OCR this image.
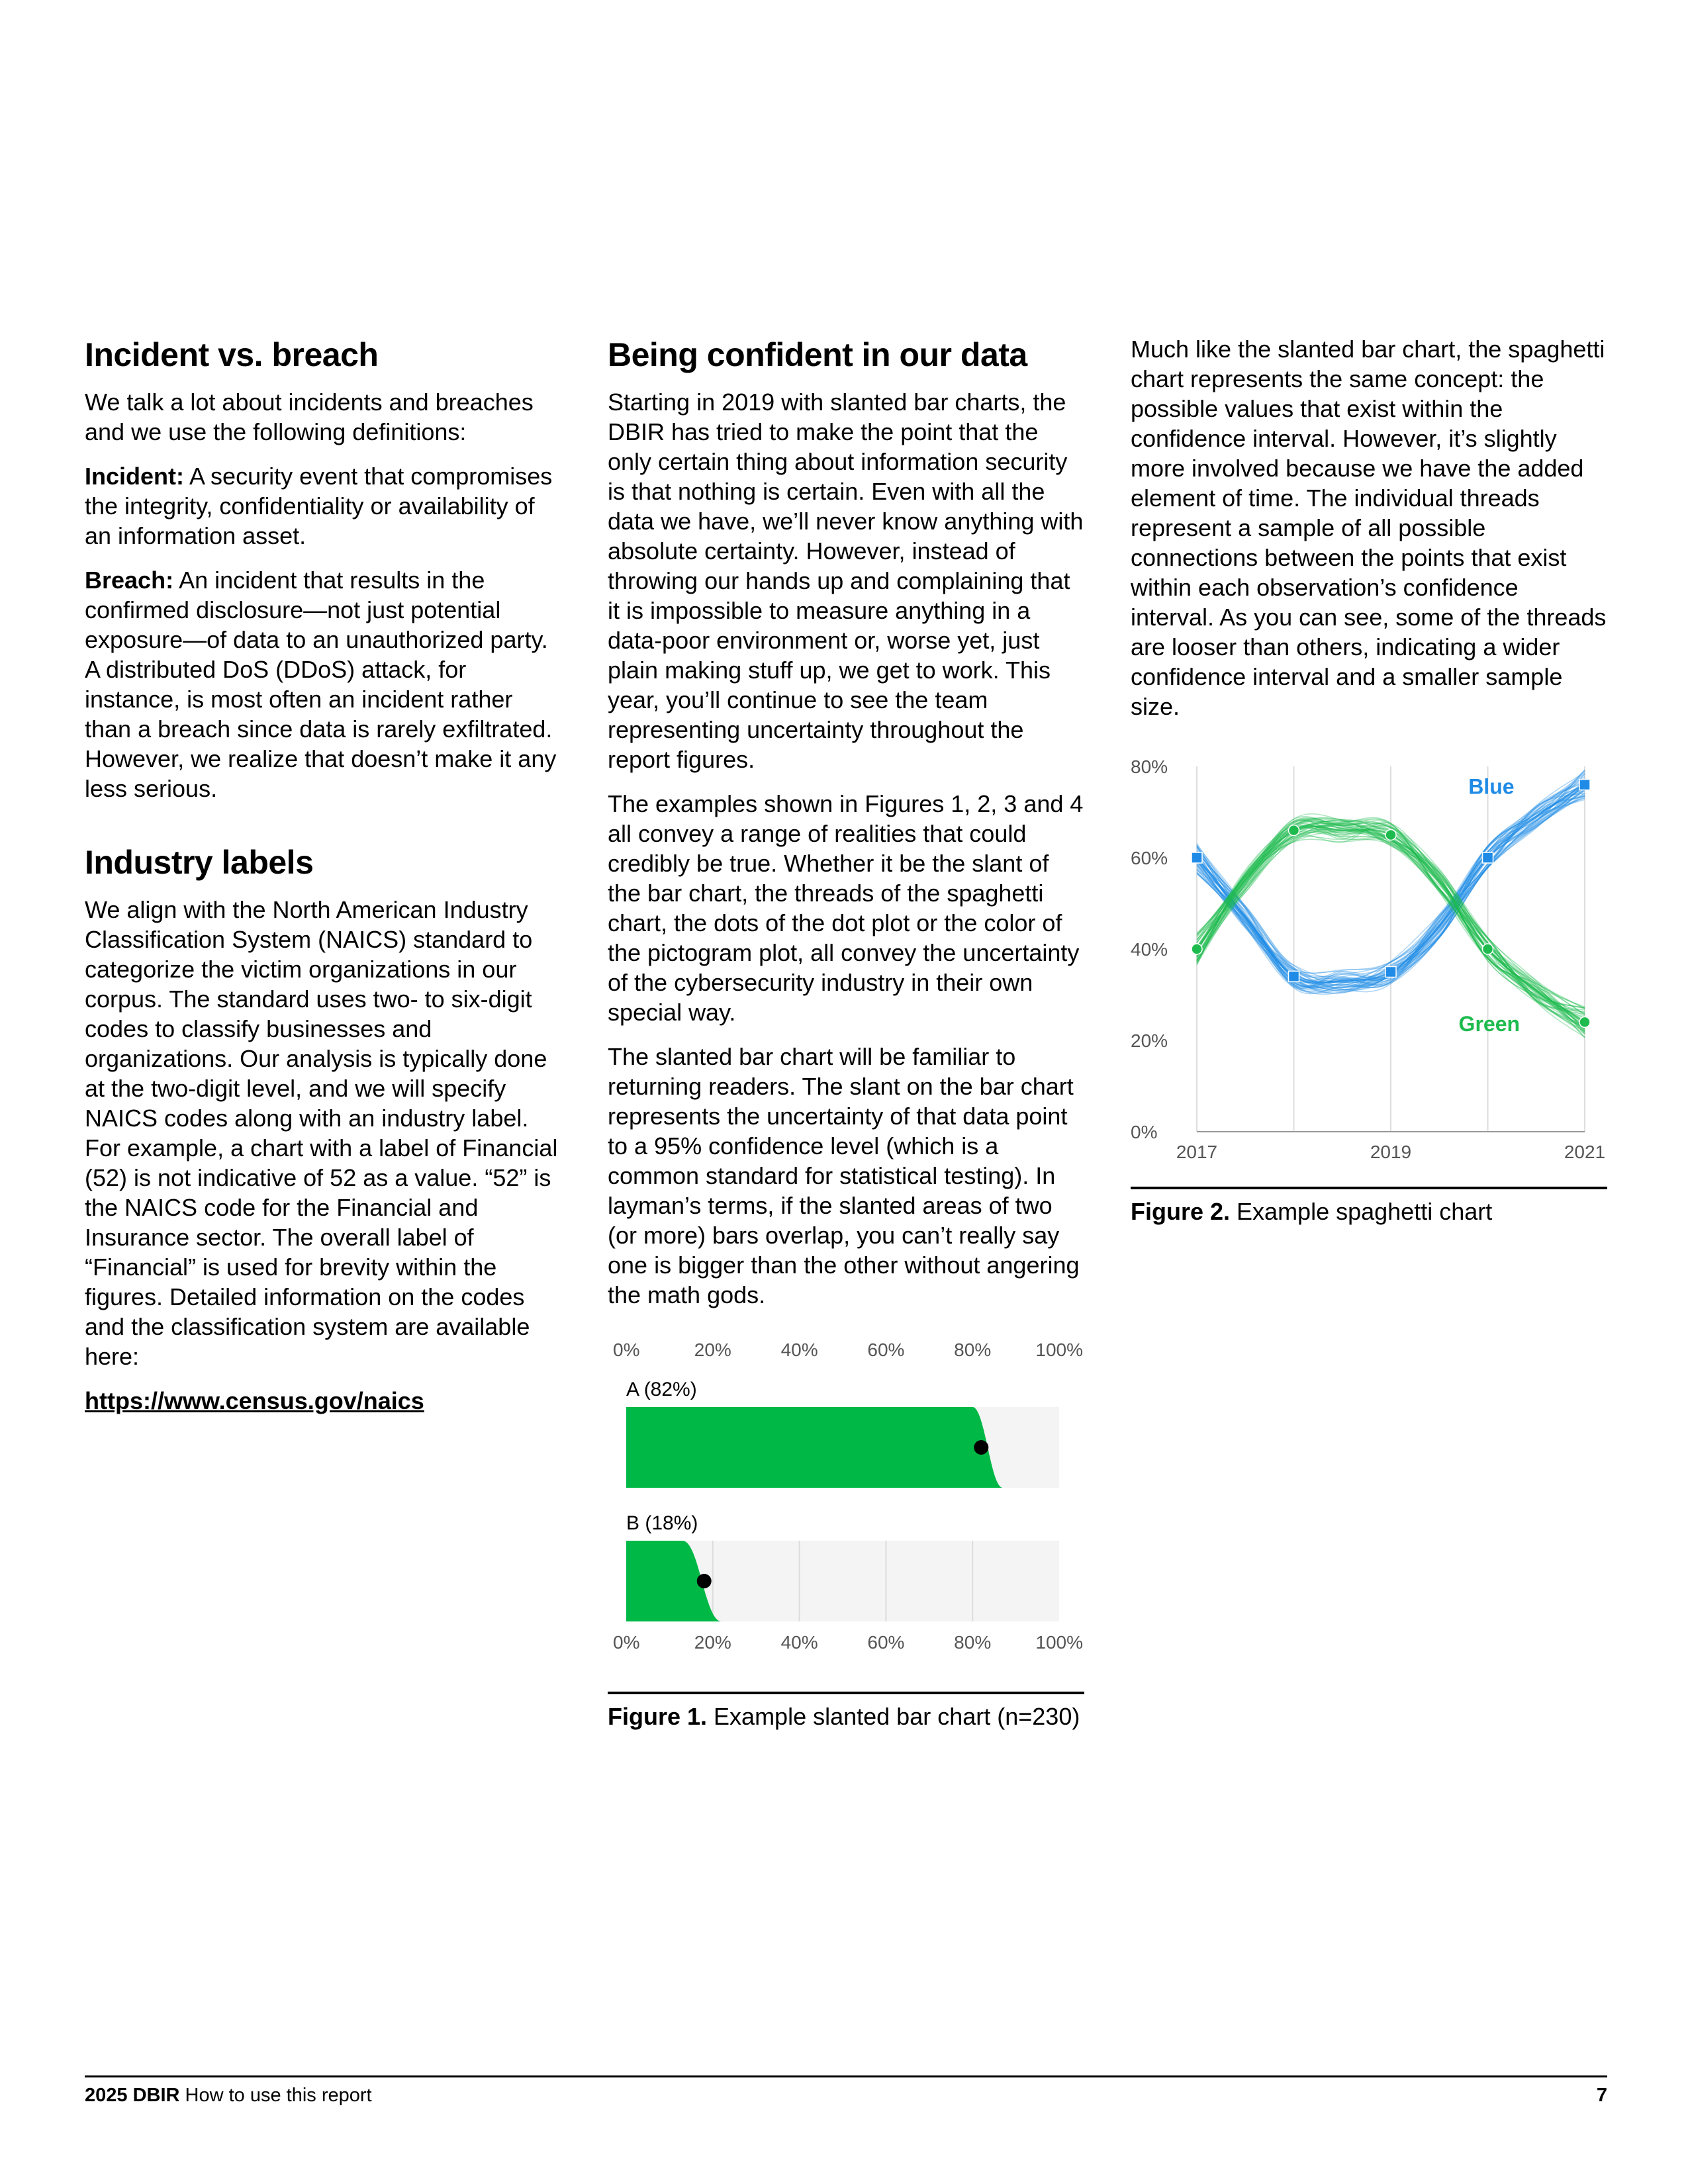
Incident vs. breach

We talk a lot about incidents and breaches and we use the following definitions:

Incident: A security event that compromises the integrity, confidentiality or availability of an information asset.

Breach: An incident that results in the confirmed disclosure—not just potential exposure—of data to an unauthorized party. A distributed DoS (DDoS) attack, for instance, is most often an incident rather than a breach since data is rarely exfiltrated. However, we realize that doesn’t make it any less serious.

Industry labels

We align with the North American Industry Classification System (NAICS) standard to categorize the victim organizations in our corpus. The standard uses two- to six-digit codes to classify businesses and organizations. Our analysis is typically done at the two-digit level, and we will specify NAICS codes along with an industry label. For example, a chart with a label of Financial (52) is not indicative of 52 as a value. “52” is the NAICS code for the Financial and Insurance sector. The overall label of “Financial” is used for brevity within the figures. Detailed information on the codes and the classification system are available here:

https://www.census.gov/naics
Being confident in our data

Starting in 2019 with slanted bar charts, the DBIR has tried to make the point that the only certain thing about information security is that nothing is certain. Even with all the data we have, we’ll never know anything with absolute certainty. However, instead of throwing our hands up and complaining that it is impossible to measure anything in a data-poor environment or, worse yet, just plain making stuff up, we get to work. This year, you’ll continue to see the team representing uncertainty throughout the report figures.

The examples shown in Figures 1, 2, 3 and 4 all convey a range of realities that could credibly be true. Whether it be the slant of the bar chart, the threads of the spaghetti chart, the dots of the dot plot or the color of the pictogram plot, all convey the uncertainty of the cybersecurity industry in their own special way.

The slanted bar chart will be familiar to returning readers. The slant on the bar chart represents the uncertainty of that data point to a 95% confidence level (which is a common standard for statistical testing). In layman’s terms, if the slanted areas of two (or more) bars overlap, you can’t really say one is bigger than the other without angering the math gods.

0%
0%
20%
20%
40%
40%
60%
60%
80%
80%
100%
100%
A (82%)
B (18%)
Figure 1. Example slanted bar chart (n=230)

Much like the slanted bar chart, the spaghetti chart represents the same concept: the possible values that exist within the confidence interval. However, it’s slightly more involved because we have the added element of time. The individual threads represent a sample of all possible connections between the points that exist within each observation’s confidence interval. As you can see, some of the threads are looser than others, indicating a wider confidence interval and a smaller sample size.

0%
20%
40%
60%
80%
2017	2019	2021
Blue
Green
Figure 2. Example spaghetti chart
2025 DBIR How to use this report	7
